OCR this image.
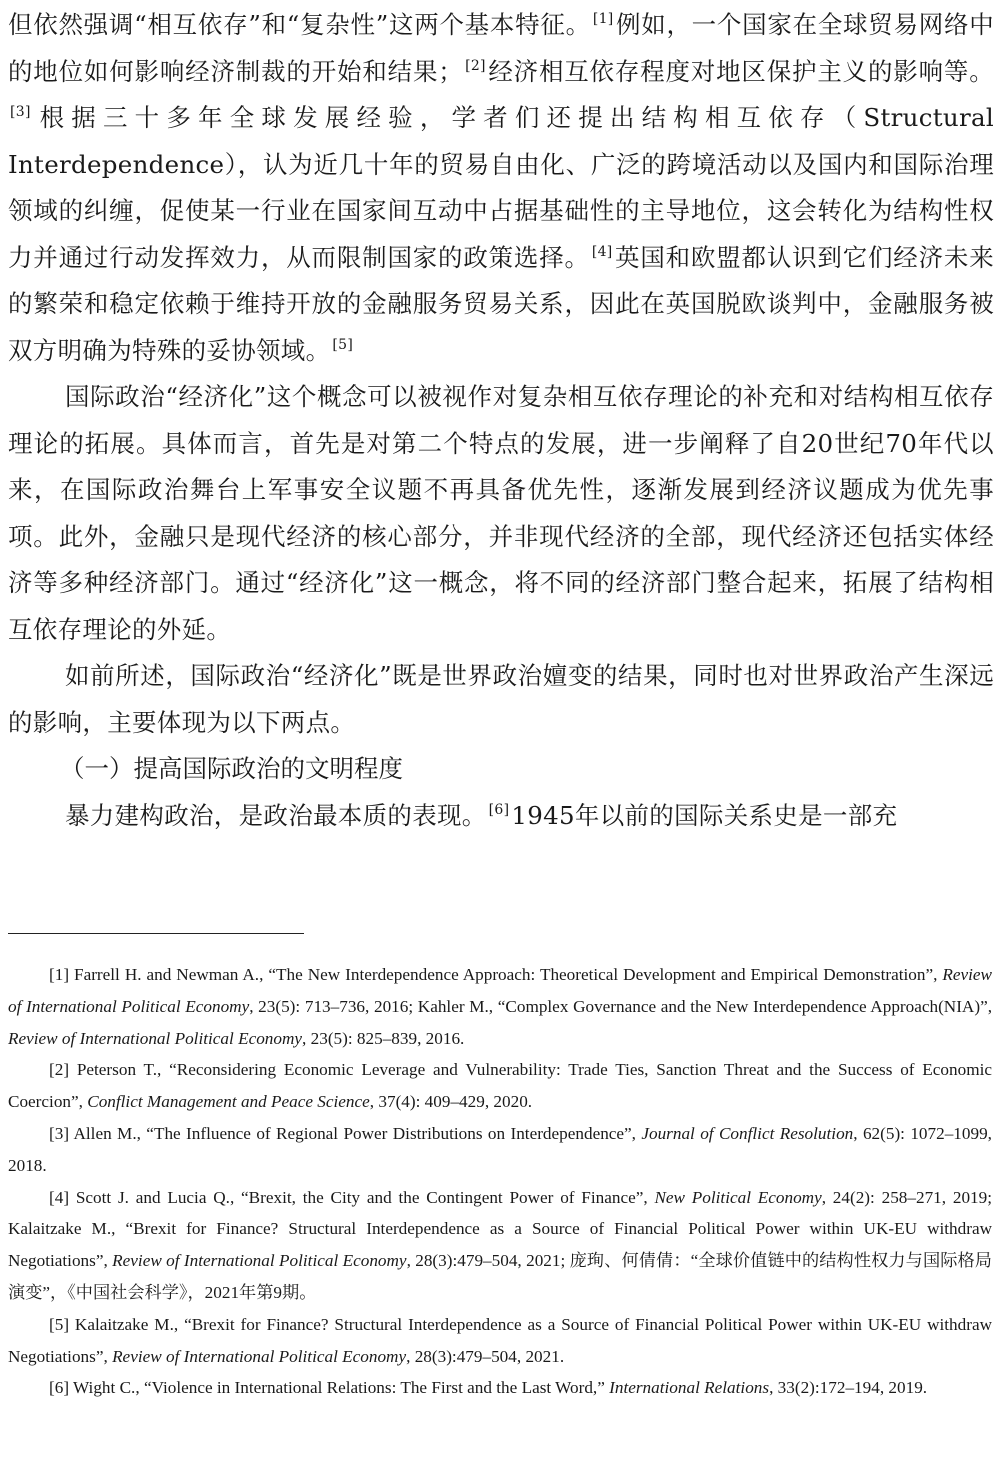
但依然强调“相互依存”和“复杂性”这两个基本特征。 [1]例如，一个国家在全球贸易网络中的地位如何影响经济制裁的开始和结果； [2]经济相互依存程度对地区保护主义的影响等。[3]根据三十多年全球发展经验，学者们还提出结构相互依存（Structural Interdependence），认为近几十年的贸易自由化、广泛的跨境活动以及国内和国际治理领域的纠缠，促使某一行业在国家间互动中占据基础性的主导地位，这会转化为结构性权力并通过行动发挥效力，从而限制国家的政策选择。 [4]英国和欧盟都认识到它们经济未来的繁荣和稳定依赖于维持开放的金融服务贸易关系，因此在英国脱欧谈判中，金融服务被双方明确为特殊的妥协领域。 [5]

国际政治“经济化”这个概念可以被视作对复杂相互依存理论的补充和对结构相互依存理论的拓展。具体而言，首先是对第二个特点的发展，进一步阐释了自20世纪70年代以来，在国际政治舞台上军事安全议题不再具备优先性，逐渐发展到经济议题成为优先事项。此外，金融只是现代经济的核心部分，并非现代经济的全部，现代经济还包括实体经济等多种经济部门。通过“经济化”这一概念，将不同的经济部门整合起来，拓展了结构相互依存理论的外延。

如前所述，国际政治“经济化”既是世界政治嬗变的结果，同时也对世界政治产生深远的影响，主要体现为以下两点。

（一）提高国际政治的文明程度

暴力建构政治，是政治最本质的表现。 [6]1945年以前的国际关系史是一部充

[1] Farrell H. and Newman A., “The New Interdependence Approach: Theoretical Development and Empirical Demonstration”, Review of International Political Economy, 23(5): 713–736, 2016; Kahler M., “Complex Governance and the New Interdependence Approach(NIA)”, Review of International Political Economy, 23(5): 825–839, 2016.

[2] Peterson T., “Reconsidering Economic Leverage and Vulnerability: Trade Ties, Sanction Threat and the Success of Economic Coercion”, Conflict Management and Peace Science, 37(4): 409–429, 2020.

[3] Allen M., “The Influence of Regional Power Distributions on Interdependence”, Journal of Conflict Resolution, 62(5): 1072–1099, 2018.

[4] Scott J. and Lucia Q., “Brexit, the City and the Contingent Power of Finance”, New Political Economy, 24(2): 258–271, 2019; Kalaitzake M., “Brexit for Finance? Structural Interdependence as a Source of Financial Political Power within UK-EU withdraw Negotiations”, Review of International Political Economy, 28(3):479–504, 2021; 庞珣、何倩倩：“全球价值链中的结构性权力与国际格局演变”，《中国社会科学》，2021年第9期。

[5] Kalaitzake M., “Brexit for Finance? Structural Interdependence as a Source of Financial Political Power within UK-EU withdraw Negotiations”, Review of International Political Economy, 28(3):479–504, 2021.

[6] Wight C., “Violence in International Relations: The First and the Last Word,” International Relations, 33(2):172–194, 2019.
